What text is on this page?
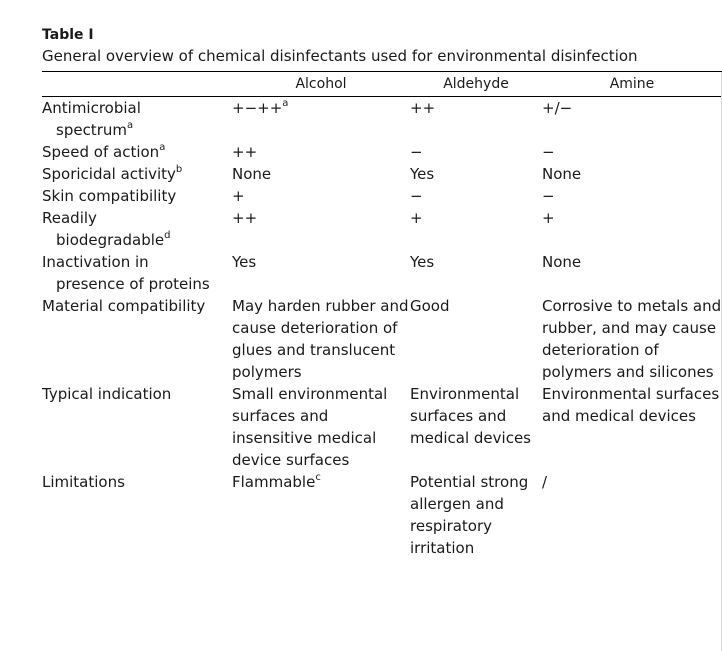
Table I
General overview of chemical disinfectants used for environmental disinfection
	Alcohol	Aldehyde	Amine

Antimicrobial
spectrum$^a$	+−++$^a$	++	+/−

Speed of action$^a$	++	−	−

Sporicidal activity$^b$	None	Yes	None

Skin compatibility	+	−	−

Readily
biodegradable$^d$	++	+	+

Inactivation in
presence of proteins	Yes	Yes	None

Material compatibility	May harden rubber and cause deterioration of glues and translucent polymers	Good	Corrosive to metals and rubber, and may cause deterioration of polymers and silicones

Typical indication	Small environmental surfaces and insensitive medical device surfaces	Environmental surfaces and medical devices	Environmental surfaces and medical devices

Limitations	Flammable$^c$	Potential strong allergen and respiratory irritation	/
